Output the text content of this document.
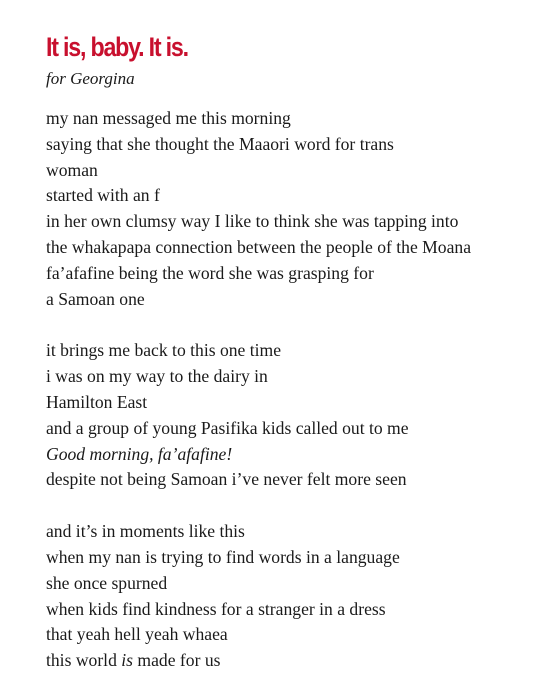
It is, baby. It is.
for Georgina
my nan messaged me this morning
saying that she thought the Maaori word for trans
woman
started with an f
in her own clumsy way I like to think she was tapping into
the whakapapa connection between the people of the Moana
fa’afafine being the word she was grasping for
a Samoan one
it brings me back to this one time
i was on my way to the dairy in
Hamilton East
and a group of young Pasifika kids called out to me
Good morning, fa’afafine!
despite not being Samoan i’ve never felt more seen
and it’s in moments like this
when my nan is trying to find words in a language
she once spurned
when kids find kindness for a stranger in a dress
that yeah hell yeah whaea
this world is made for us
